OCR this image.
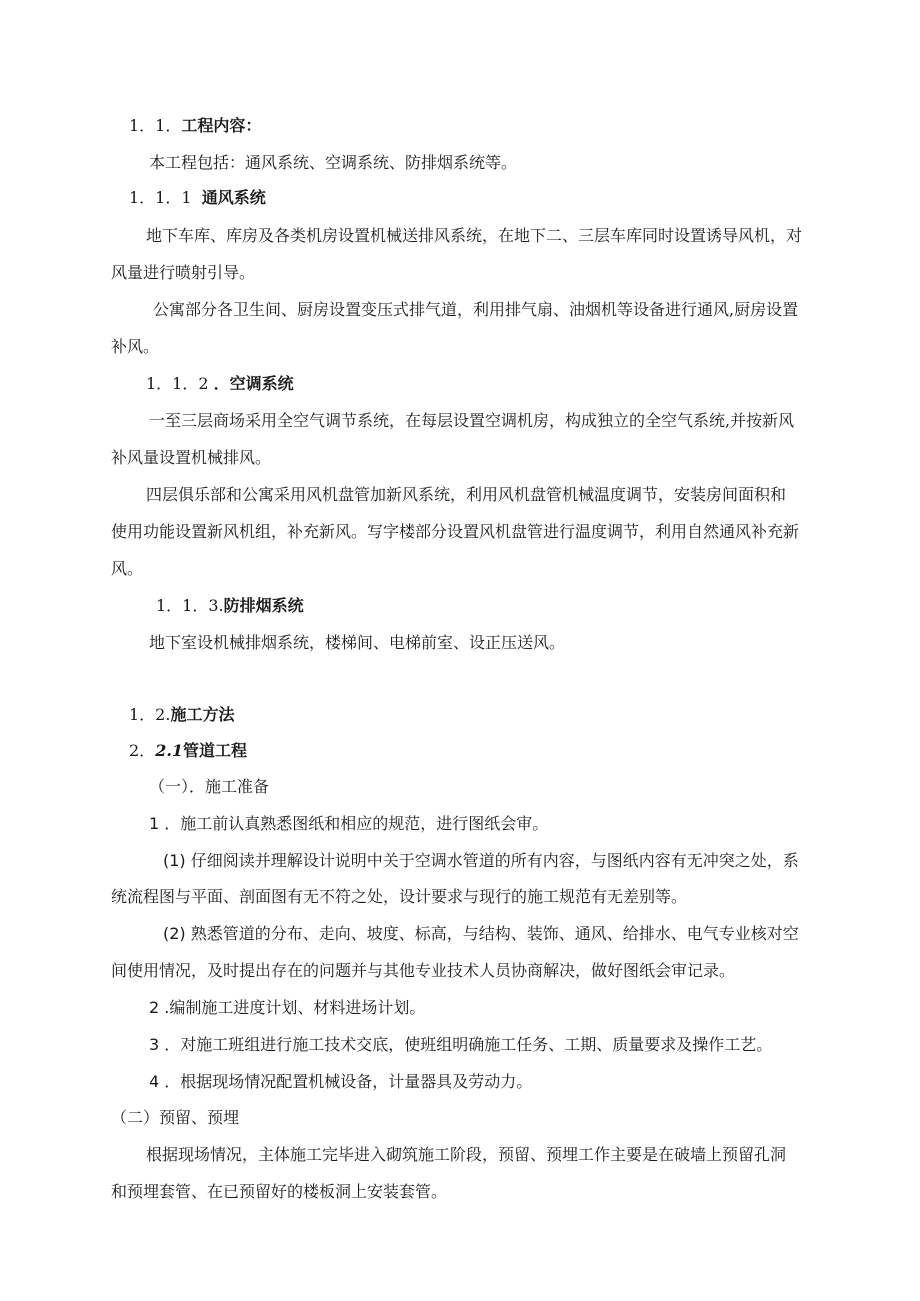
1．1．工程内容：

本工程包括：通风系统、空调系统、防排烟系统等。

1．1．1 通风系统

地下车库、库房及各类机房设置机械送排风系统，在地下二、三层车库同时设置诱导风机，对

风量进行喷射引导。

公寓部分各卫生间、厨房设置变压式排气道，利用排气扇、油烟机等设备进行通风,厨房设置

补风。

1．1．2 ．空调系统

一至三层商场采用全空气调节系统，在每层设置空调机房，构成独立的全空气系统,并按新风

补风量设置机械排风。

四层俱乐部和公寓采用风机盘管加新风系统，利用风机盘管机械温度调节，安装房间面积和

使用功能设置新风机组，补充新风。写字楼部分设置风机盘管进行温度调节，利用自然通风补充新

风。

1．1．3.防排烟系统

地下室设机械排烟系统，楼梯间、电梯前室、设正压送风。

1．2.施工方法

2．2.1管道工程

（一）．施工准备

1 ．施工前认真熟悉图纸和相应的规范，进行图纸会审。

(1) 仔细阅读并理解设计说明中关于空调水管道的所有内容，与图纸内容有无冲突之处，系

统流程图与平面、剖面图有无不符之处，设计要求与现行的施工规范有无差别等。

(2) 熟悉管道的分布、走向、坡度、标高，与结构、装饰、通风、给排水、电气专业核对空

间使用情况，及时提出存在的问题并与其他专业技术人员协商解决，做好图纸会审记录。

2 .编制施工进度计划、材料进场计划。

3 ．对施工班组进行施工技术交底，使班组明确施工任务、工期、质量要求及操作工艺。

4 ．根据现场情况配置机械设备，计量器具及劳动力。

（二）预留、预埋

根据现场情况，主体施工完毕进入砌筑施工阶段，预留、预埋工作主要是在破墙上预留孔洞

和预埋套管、在已预留好的楼板洞上安装套管。
